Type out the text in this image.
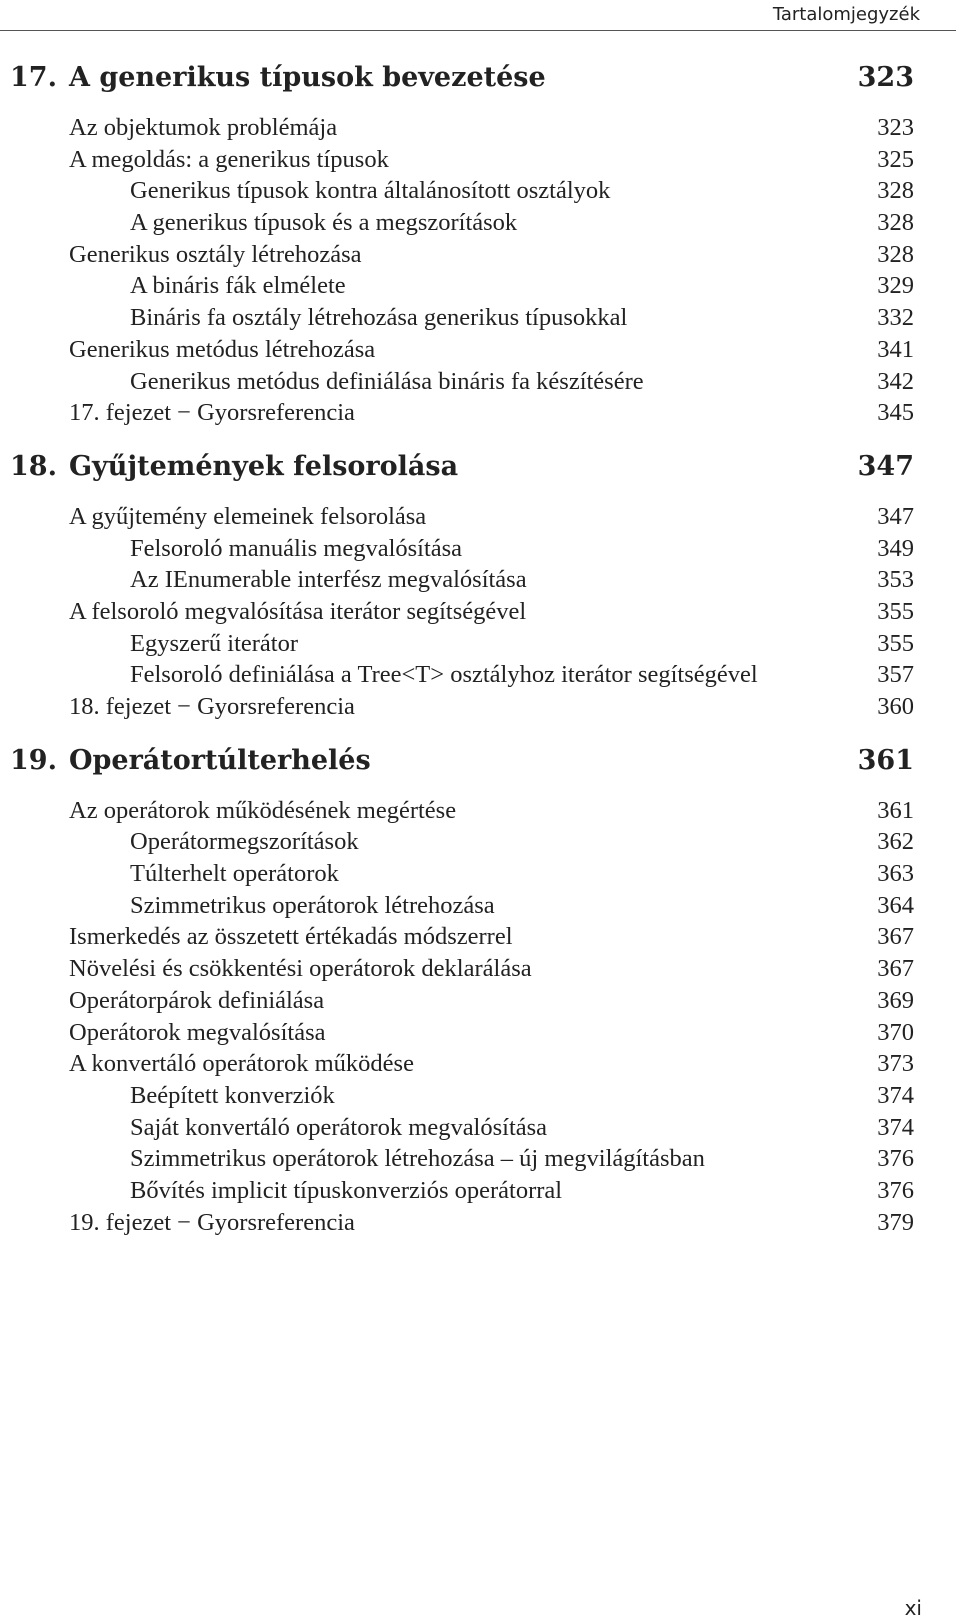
Tartalomjegyzék
17. A generikus típusok bevezetése	323
Az objektumok problémája	323
A megoldás: a generikus típusok	325
Generikus típusok kontra általánosított osztályok	328
A generikus típusok és a megszorítások	328
Generikus osztály létrehozása	328
A bináris fák elmélete	329
Bináris fa osztály létrehozása generikus típusokkal	332
Generikus metódus létrehozása	341
Generikus metódus definiálása bináris fa készítésére	342
17. fejezet − Gyorsreferencia	345
18. Gyűjtemények felsorolása	347
A gyűjtemény elemeinek felsorolása	347
Felsoroló manuális megvalósítása	349
Az IEnumerable interfész megvalósítása	353
A felsoroló megvalósítása iterátor segítségével	355
Egyszerű iterátor	355
Felsoroló definiálása a Tree<T> osztályhoz iterátor segítségével	357
18. fejezet − Gyorsreferencia	360
19. Operátortúlterhelés	361
Az operátorok működésének megértése	361
Operátormegszorítások	362
Túlterhelt operátorok	363
Szimmetrikus operátorok létrehozása	364
Ismerkedés az összetett értékadás módszerrel	367
Növelési és csökkentési operátorok deklarálása	367
Operátorpárok definiálása	369
Operátorok megvalósítása	370
A konvertáló operátorok működése	373
Beépített konverziók	374
Saját konvertáló operátorok megvalósítása	374
Szimmetrikus operátorok létrehozása – új megvilágításban	376
Bővítés implicit típuskonverziós operátorral	376
19. fejezet − Gyorsreferencia	379
xi
